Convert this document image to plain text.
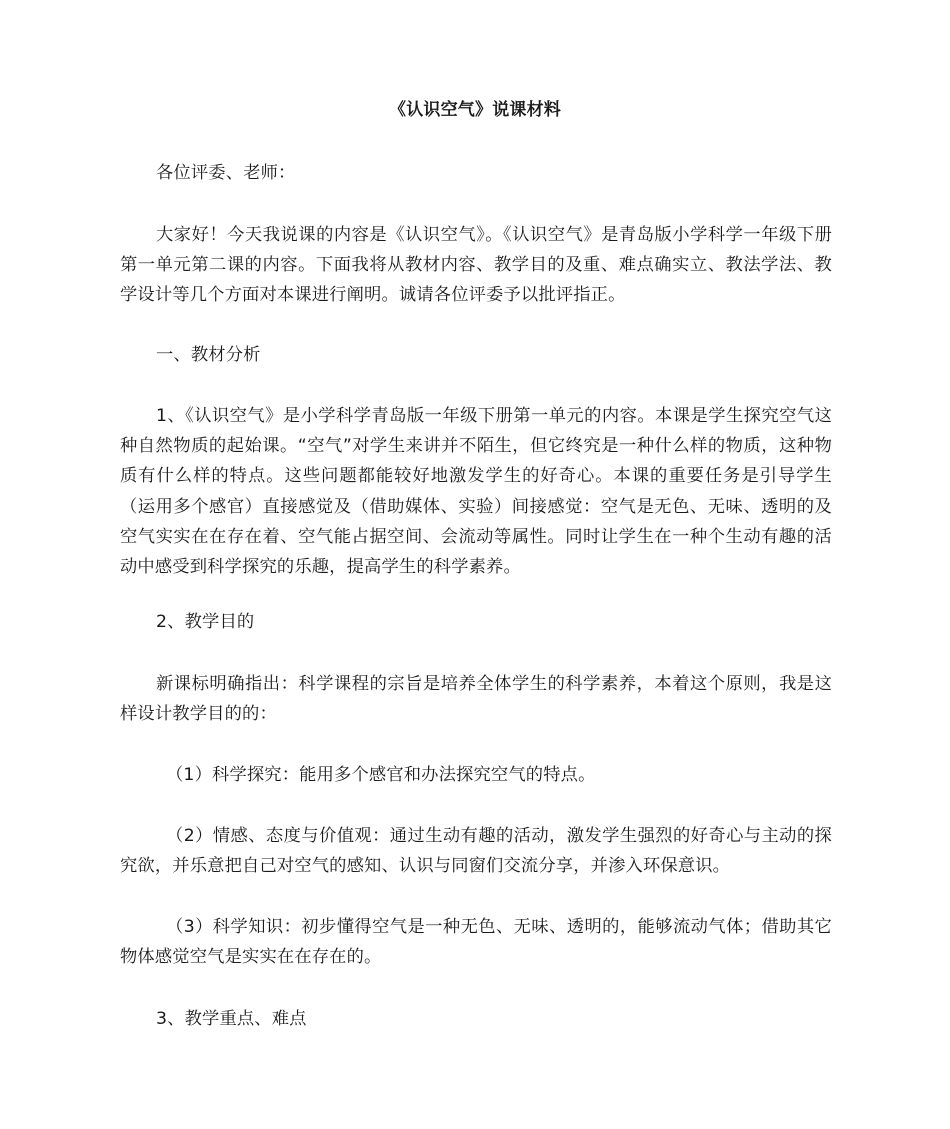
《认识空气》说课材料

各位评委、老师：

大家好！今天我说课的内容是《认识空气》。《认识空气》是青岛版小学科学一年级下册第一单元第二课的内容。下面我将从教材内容、教学目的及重、难点确实立、教法学法、教学设计等几个方面对本课进行阐明。诚请各位评委予以批评指正。

一、教材分析

1、《认识空气》是小学科学青岛版一年级下册第一单元的内容。本课是学生探究空气这种自然物质的起始课。“空气”对学生来讲并不陌生，但它终究是一种什么样的物质，这种物质有什么样的特点。这些问题都能较好地激发学生的好奇心。本课的重要任务是引导学生（运用多个感官）直接感觉及（借助媒体、实验）间接感觉：空气是无色、无味、透明的及空气实实在在存在着、空气能占据空间、会流动等属性。同时让学生在一种个生动有趣的活动中感受到科学探究的乐趣，提高学生的科学素养。

2、教学目的

新课标明确指出：科学课程的宗旨是培养全体学生的科学素养，本着这个原则，我是这样设计教学目的的：

（1）科学探究：能用多个感官和办法探究空气的特点。

（2）情感、态度与价值观：通过生动有趣的活动，激发学生强烈的好奇心与主动的探究欲，并乐意把自己对空气的感知、认识与同窗们交流分享，并渗入环保意识。

（3）科学知识：初步懂得空气是一种无色、无味、透明的，能够流动气体；借助其它物体感觉空气是实实在在存在的。

3、教学重点、难点
